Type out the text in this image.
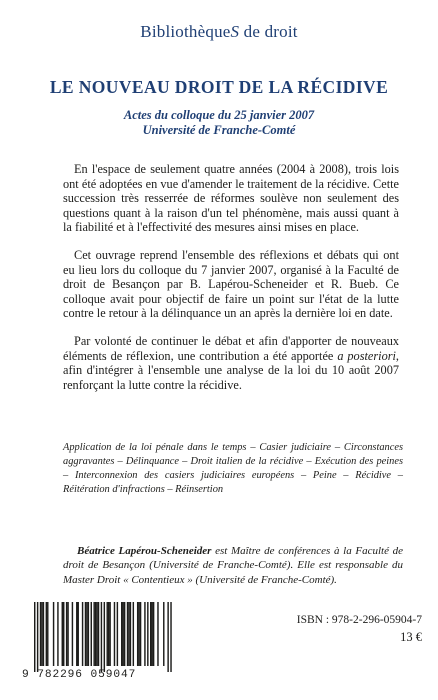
BibliothèqueS de droit
LE NOUVEAU DROIT DE LA RÉCIDIVE
Actes du colloque du 25 janvier 2007
Université de Franche-Comté

En l'espace de seulement quatre années (2004 à 2008), trois lois ont été adoptées en vue d'amender le traitement de la récidive. Cette succession très resserrée de réformes soulève non seulement des questions quant à la raison d'un tel phénomène, mais aussi quant à la fiabilité et à l'effectivité des mesures ainsi mises en place.

Cet ouvrage reprend l'ensemble des réflexions et débats qui ont eu lieu lors du colloque du 7 janvier 2007, organisé à la Faculté de droit de Besançon par B. Lapérou-Scheneider et R. Bueb. Ce colloque avait pour objectif de faire un point sur l'état de la lutte contre le retour à la délinquance un an après la dernière loi en date.

Par volonté de continuer le débat et afin d'apporter de nouveaux éléments de réflexion, une contribution a été apportée a posteriori, afin d'intégrer à l'ensemble une analyse de la loi du 10 août 2007 renforçant la lutte contre la récidive.

Application de la loi pénale dans le temps – Casier judiciaire – Circonstances aggravantes – Délinquance – Droit italien de la récidive – Exécution des peines – Interconnexion des casiers judiciaires européens – Peine – Récidive – Réitération d'infractions – Réinsertion

Béatrice Lapérou-Scheneider est Maître de conférences à la Faculté de droit de Besançon (Université de Franche-Comté). Elle est responsable du Master Droit « Contentieux » (Université de Franche-Comté).

9 782296 059047
ISBN : 978-2-296-05904-7
13 €
